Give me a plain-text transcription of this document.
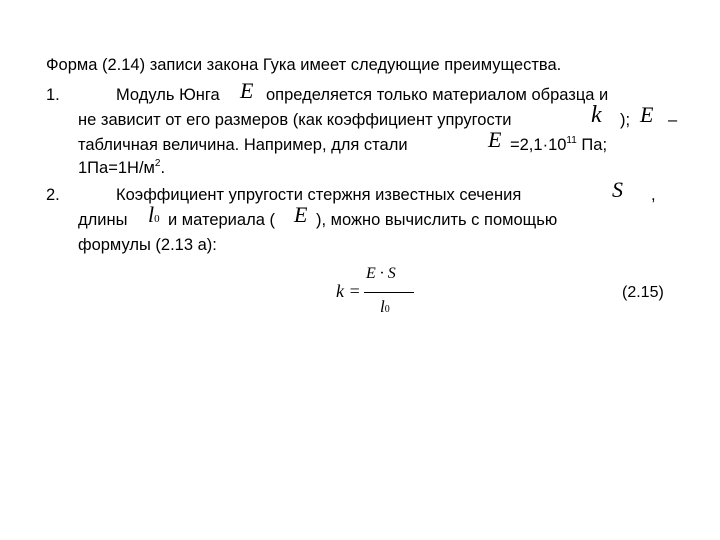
Форма (2.14) записи закона Гука имеет следующие преимущества.
1.	Модуль Юнга E определяется только материалом образца и
не зависит от его размеров (как коэффициент упругости	k ); E –
табличная величина. Например, для стали	$E =2,1\cdot 10^{11}$ Па;
$1Па=1Н/м^2$.
2.	Коэффициент упругости стержня известных сечения	S ,
длины l0 и материала ( E ), можно вычислить с помощью
формулы (2.13 а):
k =
E · S
l0
(2.15)
